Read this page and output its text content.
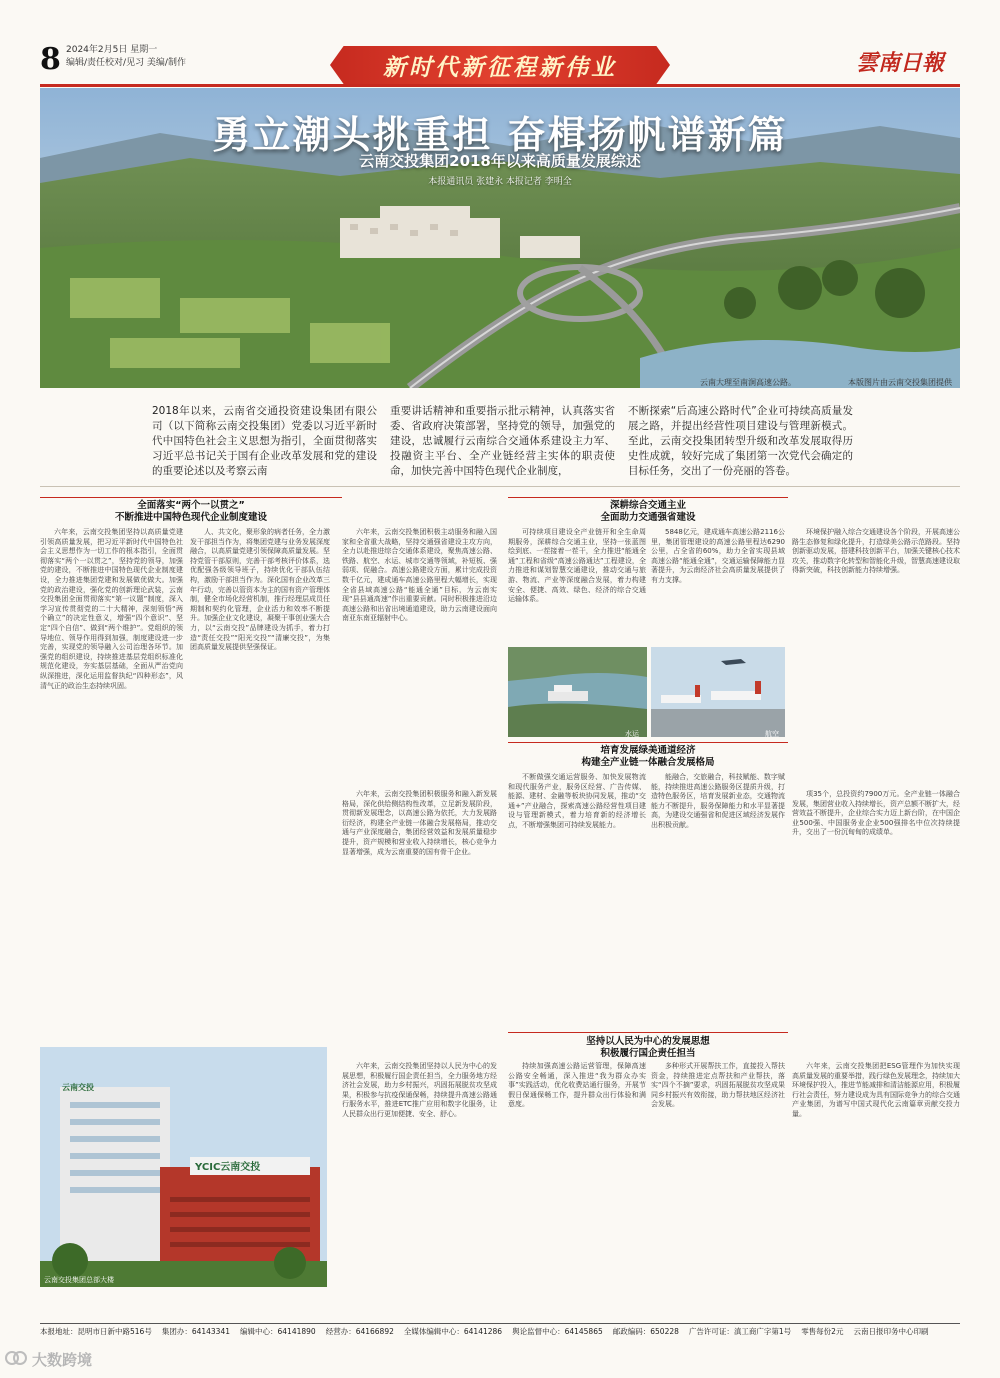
8 2024年2月5日 星期一
编辑/责任校对/见习 美编/制作	新时代新征程新伟业	雲南日報
勇立潮头挑重担 奋楫扬帆谱新篇
云南交投集团2018年以来高质量发展综述
本报通讯员 张建永 本报记者 李明全
云南大理至南涧高速公路。	本版图片由云南交投集团提供
2018年以来，云南省交通投资建设集团有限公司（以下简称云南交投集团）党委以习近平新时代中国特色社会主义思想为指引，全面贯彻落实习近平总书记关于国有企业改革发展和党的建设的重要论述以及考察云南
重要讲话精神和重要指示批示精神，认真落实省委、省政府决策部署，坚持党的领导，加强党的建设，忠诚履行云南综合交通体系建设主力军、投融资主平台、全产业链经营主实体的职责使命，加快完善中国特色现代企业制度，
不断探索“后高速公路时代”企业可持续高质量发展之路，并提出经营性项目建设与管理新模式。至此，云南交投集团转型升级和改革发展取得历史性成就，较好完成了集团第一次党代会确定的目标任务，交出了一份亮丽的答卷。
全面落实“两个一以贯之”
不断推进中国特色现代企业制度建设
深耕综合交通主业
全面助力交通强省建设

六年来，云南交投集团坚持以高质量党建引领高质量发展，把习近平新时代中国特色社会主义思想作为一切工作的根本指引，全面贯彻落实“两个一以贯之”，坚持党的领导，加强党的建设，不断推进中国特色现代企业制度建设，全力推进集团党建和发展做优做大。加强党的政治建设，强化党的创新理论武装，云南交投集团全面贯彻落实“第一议题”制度，深入学习宣传贯彻党的二十大精神，深刻领悟“两个确立”的决定性意义，增强“四个意识”、坚定“四个自信”、做到“两个维护”。党组织的领导地位、领导作用得到加强，制度建设进一步完善，实现党的领导融入公司治理各环节。加强党的组织建设，持续推进基层党组织标准化规范化建设，夯实基层基础，全面从严治党向纵深推进，深化运用监督执纪“四种形态”，风清气正的政治生态持续巩固。

人、共文化，聚形象的病者任务，全力激发干部担当作为，将集团党建与业务发展深度融合，以高质量党建引领保障高质量发展。坚持党管干部原则，完善干部考核评价体系，选优配强各级领导班子，持续优化干部队伍结构，激励干部担当作为。深化国有企业改革三年行动，完善以管资本为主的国有资产管理体制，健全市场化经营机制，推行经理层成员任期制和契约化管理，企业活力和效率不断提升。加强企业文化建设，凝聚干事创业强大合力，以“云南交投”品牌建设为抓手，着力打造“责任交投”“阳光交投”“清廉交投”，为集团高质量发展提供坚强保证。

六年来，云南交投集团积极主动服务和融入国家和全省重大战略，坚持交通强省建设主攻方向，全力以赴推进综合交通体系建设，聚焦高速公路、铁路、航空、水运、城市交通等领域，补短板、强弱项、促融合。高速公路建设方面，累计完成投资数千亿元，建成通车高速公路里程大幅增长，实现全省县域高速公路“能通全通”目标，为云南实现“县县通高速”作出重要贡献。同时积极推进沿边高速公路和出省出境通道建设，助力云南建设面向南亚东南亚辐射中心。

可持续项目建设全产业链开和全生命周期服务，深耕综合交通主业，坚持一张蓝图绘到底、一茬接着一茬干，全力推进“能通全通”工程和省级“高速公路通达”工程建设，全力推进和谋划智慧交通建设，推动交通与旅游、物流、产业等深度融合发展，着力构建安全、便捷、高效、绿色、经济的综合交通运输体系。

5848亿元，建成通车高速公路2116公里，集团管理建设的高速公路里程达6290公里，占全省的60%，助力全省实现县域高速公路“能通全通”，交通运输保障能力显著提升，为云南经济社会高质量发展提供了有力支撑。

环境保护融入综合交通建设各个阶段，开展高速公路生态修复和绿化提升，打造绿美公路示范路段。坚持创新驱动发展，搭建科技创新平台，加强关键核心技术攻关，推动数字化转型和智能化升级，智慧高速建设取得新突破，科技创新能力持续增强。

水运	航空
培育发展绿美通道经济
构建全产业链一体融合发展格局

六年来，云南交投集团积极服务和融入新发展格局，深化供给侧结构性改革，立足新发展阶段，贯彻新发展理念，以高速公路为依托，大力发展路衍经济，构建全产业链一体融合发展格局，推动交通与产业深度融合，集团经营效益和发展质量稳步提升，资产规模和营业收入持续增长，核心竞争力显著增强，成为云南重要的国有骨干企业。

不断做强交通运营服务、加快发展物流和现代服务产业，服务区经营、广告传媒、能源、建材、金融等板块协同发展，推动“交通+”产业融合，探索高速公路经营性项目建设与管理新模式，着力培育新的经济增长点，不断增强集团可持续发展能力。

能融合，交旅融合，科技赋能、数字赋能，持续推进高速公路服务区提质升级，打造特色服务区，培育发展新业态，交通物流能力不断提升，服务保障能力和水平显著提高，为建设交通强省和促进区域经济发展作出积极贡献。

项35个，总投资约7900万元。全产业链一体融合发展，集团营业收入持续增长，资产总额不断扩大，经营效益不断提升，企业综合实力迈上新台阶，在中国企业500强、中国服务业企业500强排名中位次持续提升，交出了一份沉甸甸的成绩单。

坚持以人民为中心的发展思想
积极履行国企责任担当
云南交投
YCIC云南交投
云南交投集团总部大楼

六年来，云南交投集团坚持以人民为中心的发展思想，积极履行国企责任担当，全力服务地方经济社会发展，助力乡村振兴，巩固拓展脱贫攻坚成果，积极参与抗疫保通保畅，持续提升高速公路通行服务水平，推进ETC推广应用和数字化服务，让人民群众出行更加便捷、安全、舒心。

持续加强高速公路运营管理，保障高速公路安全畅通，深入推进“我为群众办实事”实践活动，优化收费站通行服务，开展节假日保通保畅工作，提升群众出行体验和满意度。

多种形式开展帮扶工作，直接投入帮扶资金，持续推进定点帮扶和产业帮扶，落实“四个不摘”要求，巩固拓展脱贫攻坚成果同乡村振兴有效衔接，助力帮扶地区经济社会发展。

六年来，云南交投集团把ESG管理作为加快实现高质量发展的重要举措，践行绿色发展理念，持续加大环境保护投入，推进节能减排和清洁能源应用，积极履行社会责任，努力建设成为具有国际竞争力的综合交通产业集团，为谱写中国式现代化云南篇章贡献交投力量。

本报地址：昆明市日新中路516号 集团办：64143341 编辑中心：64141890 经营办：64166892 全媒体编辑中心：64141286 舆论监督中心：64145865 邮政编码：650228 广告许可证：滇工商广字第1号 零售每份2元 云南日报印务中心印刷
大数跨境
